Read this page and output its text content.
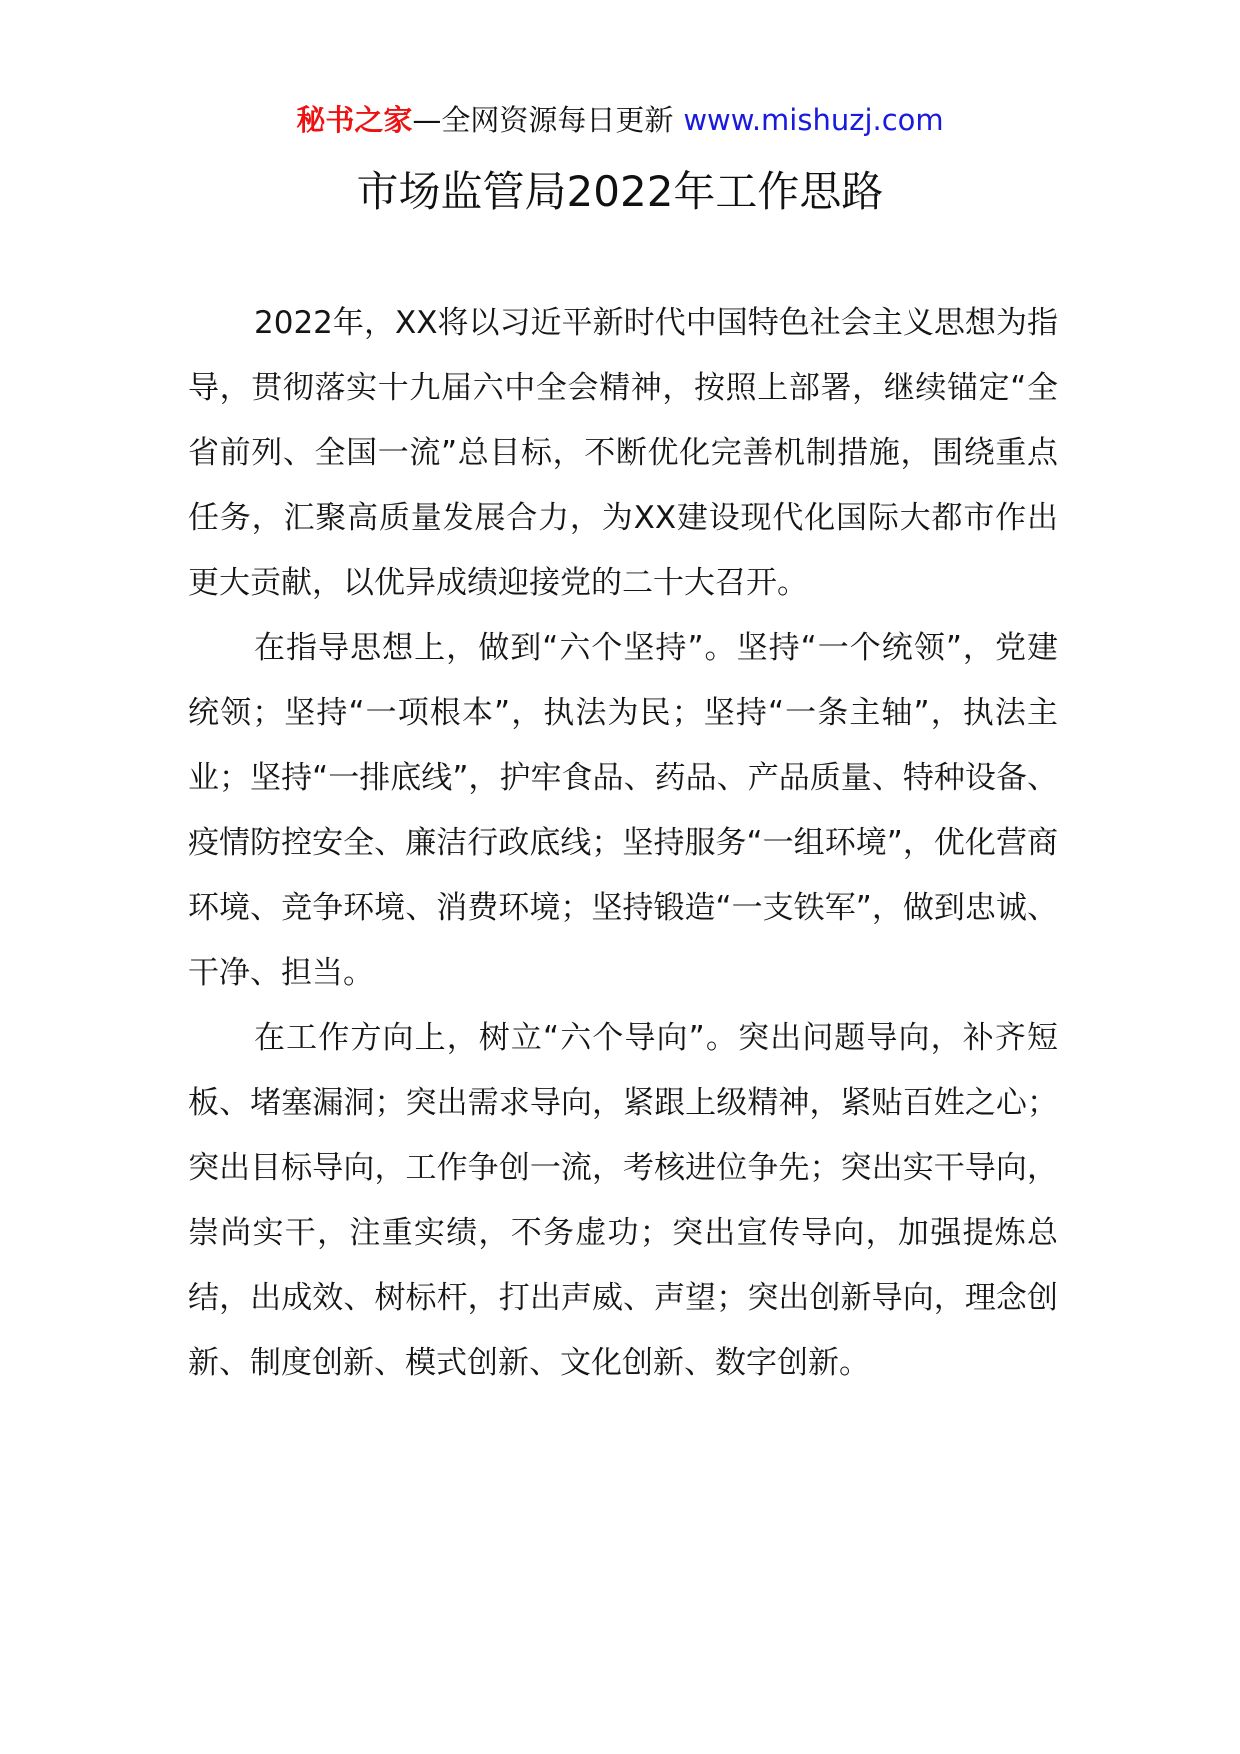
秘书之家—全网资源每日更新 www.mishuzj.com
市场监管局2022年工作思路

2022年，XX将以习近平新时代中国特色社会主义思想为指导，贯彻落实十九届六中全会精神，按照上部署，继续锚定“全省前列、全国一流”总目标，不断优化完善机制措施，围绕重点任务，汇聚高质量发展合力，为XX建设现代化国际大都市作出更大贡献，以优异成绩迎接党的二十大召开。

在指导思想上，做到“六个坚持”。坚持“一个统领”，党建统领；坚持“一项根本”，执法为民；坚持“一条主轴”，执法主业；坚持“一排底线”，护牢食品、药品、产品质量、特种设备、疫情防控安全、廉洁行政底线；坚持服务“一组环境”，优化营商环境、竞争环境、消费环境；坚持锻造“一支铁军”，做到忠诚、干净、担当。

在工作方向上，树立“六个导向”。突出问题导向，补齐短板、堵塞漏洞；突出需求导向，紧跟上级精神，紧贴百姓之心；突出目标导向，工作争创一流，考核进位争先；突出实干导向，崇尚实干，注重实绩，不务虚功；突出宣传导向，加强提炼总结，出成效、树标杆，打出声威、声望；突出创新导向，理念创新、制度创新、模式创新、文化创新、数字创新。
